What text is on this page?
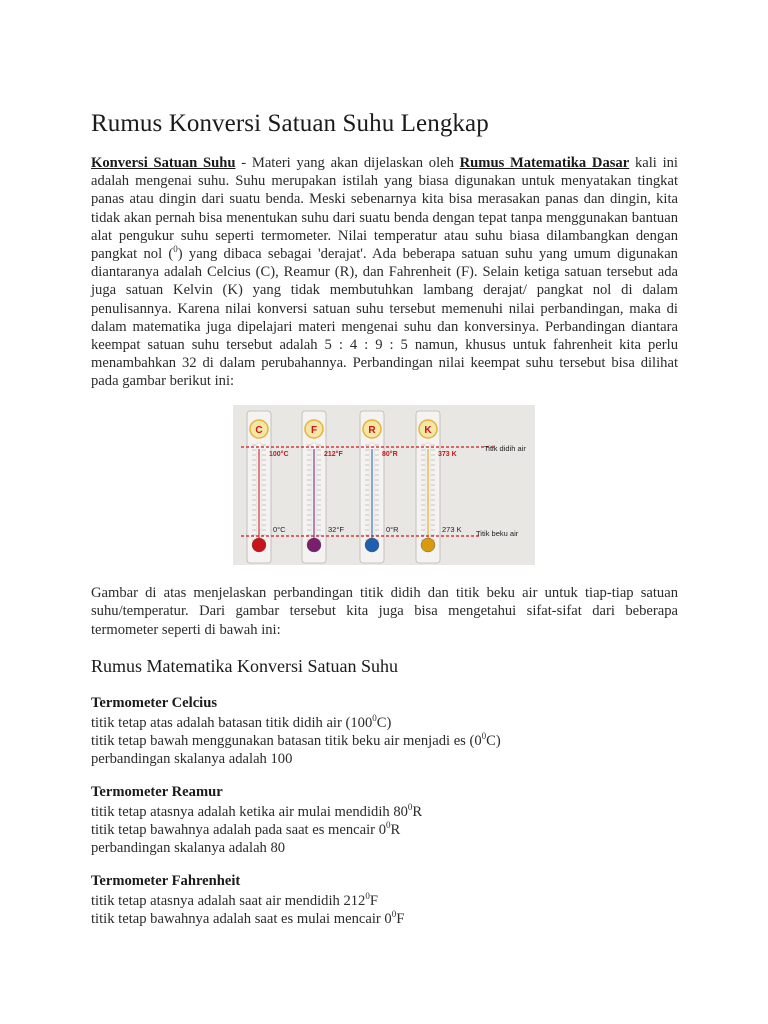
Rumus Konversi Satuan Suhu Lengkap

Konversi Satuan Suhu - Materi yang akan dijelaskan oleh Rumus Matematika Dasar kali ini adalah mengenai suhu. Suhu merupakan istilah yang biasa digunakan untuk menyatakan tingkat panas atau dingin dari suatu benda. Meski sebenarnya kita bisa merasakan panas dan dingin, kita tidak akan pernah bisa menentukan suhu dari suatu benda dengan tepat tanpa menggunakan bantuan alat pengukur suhu seperti termometer. Nilai temperatur atau suhu biasa dilambangkan dengan pangkat nol ($^0$) yang dibaca sebagai 'derajat'. Ada beberapa satuan suhu yang umum digunakan diantaranya adalah Celcius (C), Reamur (R), dan Fahrenheit (F). Selain ketiga satuan tersebut ada juga satuan Kelvin (K) yang tidak membutuhkan lambang derajat/ pangkat nol di dalam penulisannya. Karena nilai konversi satuan suhu tersebut memenuhi nilai perbandingan, maka di dalam matematika juga dipelajari materi mengenai suhu dan konversinya. Perbandingan diantara keempat satuan suhu tersebut adalah 5 : 4 : 9 : 5 namun, khusus untuk fahrenheit kita perlu menambahkan 32 di dalam perubahannya. Perbandingan nilai keempat suhu tersebut bisa dilihat pada gambar berikut ini:

C
100°C
0°C
F
212°F
32°F
R
80°R
0°R
K
373 K
273 K
Titik didih air
Titik beku air

Gambar di atas menjelaskan perbandingan titik didih dan titik beku air untuk tiap-tiap satuan suhu/temperatur. Dari gambar tersebut kita juga bisa mengetahui sifat-sifat dari beberapa termometer seperti di bawah ini:

Rumus Matematika Konversi Satuan Suhu
Termometer Celcius

titik tetap atas adalah batasan titik didih air $(100^0C)$

titik tetap bawah menggunakan batasan titik beku air menjadi es $(0^0C)$

perbandingan skalanya adalah 100

Termometer Reamur

titik tetap atasnya adalah ketika air mulai mendidih $80^0R$

titik tetap bawahnya adalah pada saat es mencair $0^0R$

perbandingan skalanya adalah 80

Termometer Fahrenheit

titik tetap atasnya adalah saat air mendidih $212^0F$

titik tetap bawahnya adalah saat es mulai mencair $0^0F$
